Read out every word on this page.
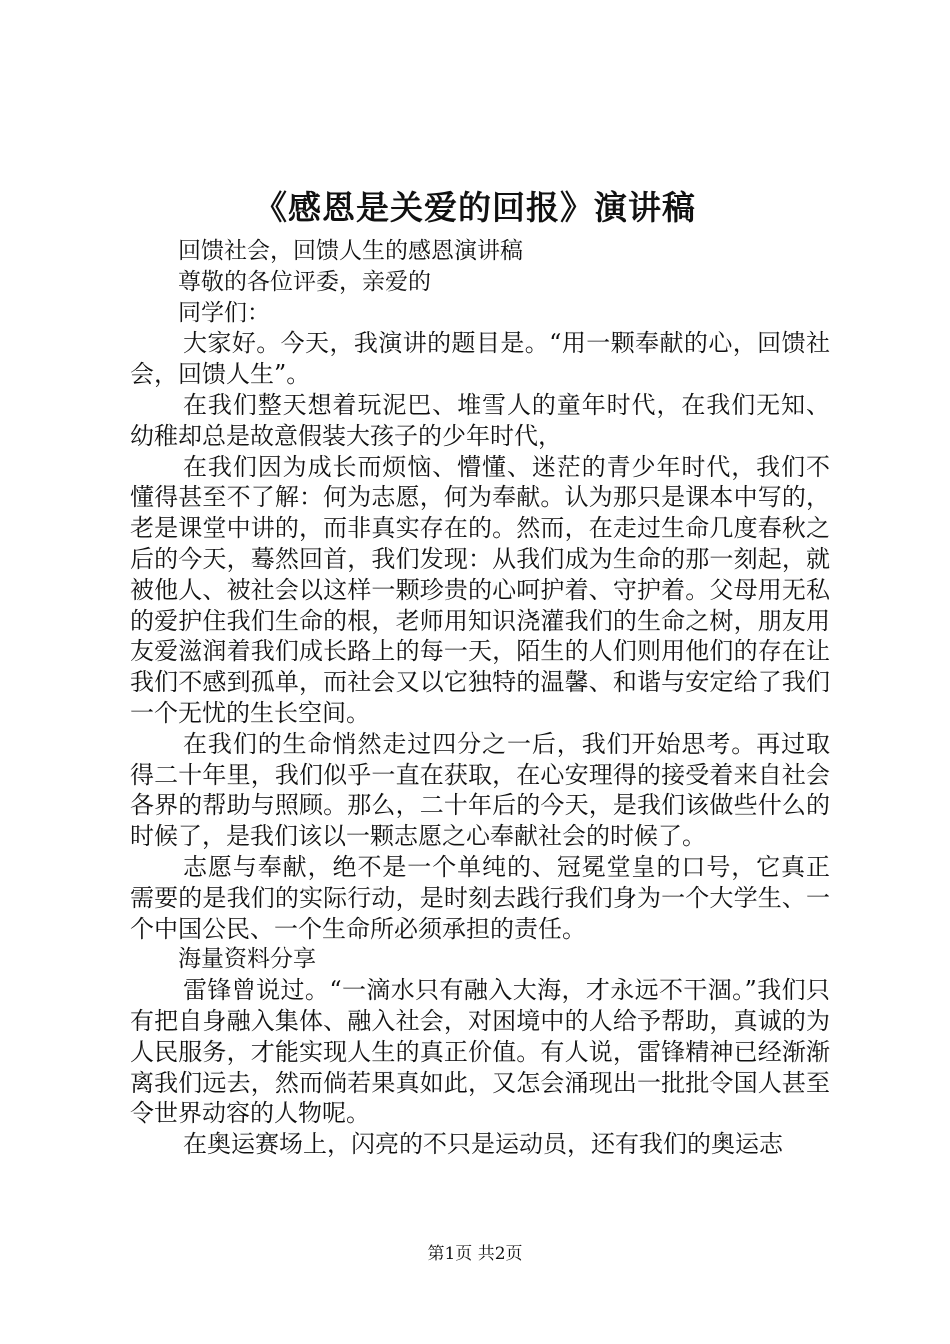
《感恩是关爱的回报》演讲稿
回馈社会，回馈人生的感恩演讲稿
尊敬的各位评委，亲爱的
同学们：

大家好。今天，我演讲的题目是。“用一颗奉献的心，回馈社会，回馈人生”。

在我们整天想着玩泥巴、堆雪人的童年时代，在我们无知、幼稚却总是故意假装大孩子的少年时代，

在我们因为成长而烦恼、懵懂、迷茫的青少年时代，我们不懂得甚至不了解：何为志愿，何为奉献。认为那只是课本中写的，老是课堂中讲的，而非真实存在的。然而，在走过生命几度春秋之后的今天，蓦然回首，我们发现：从我们成为生命的那一刻起，就被他人、被社会以这样一颗珍贵的心呵护着、守护着。父母用无私的爱护住我们生命的根，老师用知识浇灌我们的生命之树，朋友用友爱滋润着我们成长路上的每一天，陌生的人们则用他们的存在让我们不感到孤单，而社会又以它独特的温馨、和谐与安定给了我们一个无忧的生长空间。

在我们的生命悄然走过四分之一后，我们开始思考。再过取得二十年里，我们似乎一直在获取，在心安理得的接受着来自社会各界的帮助与照顾。那么，二十年后的今天，是我们该做些什么的时候了，是我们该以一颗志愿之心奉献社会的时候了。

志愿与奉献，绝不是一个单纯的、冠冕堂皇的口号，它真正需要的是我们的实际行动，是时刻去践行我们身为一个大学生、一个中国公民、一个生命所必须承担的责任。

海量资料分享

雷锋曾说过。“一滴水只有融入大海，才永远不干涸。”我们只有把自身融入集体、融入社会，对困境中的人给予帮助，真诚的为人民服务，才能实现人生的真正价值。有人说，雷锋精神已经渐渐离我们远去，然而倘若果真如此，又怎会涌现出一批批令国人甚至令世界动容的人物呢。

在奥运赛场上，闪亮的不只是运动员，还有我们的奥运志

第1页 共2页
